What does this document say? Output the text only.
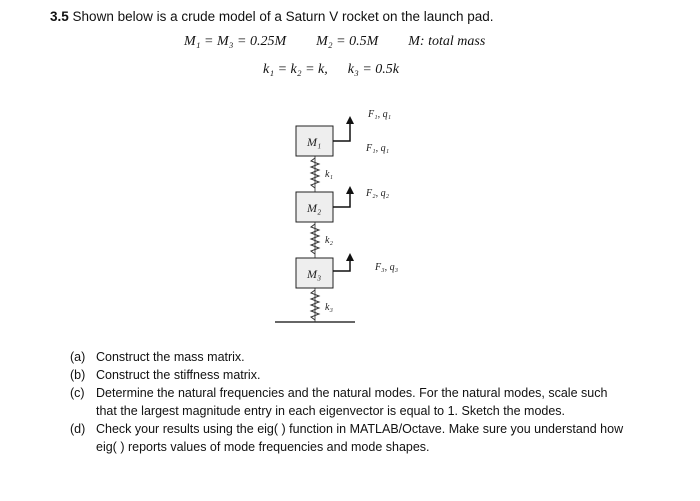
3.5 Shown below is a crude model of a Saturn V rocket on the launch pad.
M₁ = M₃ = 0.25M M₂ = 0.5M M: total mass
k₁ = k₂ = k, k₃ = 0.5k
M₁
M₂
M₃
k₁
k₂
k₃
F₁, q₁
F₁, q₁
F₂, q₂
F₃, q₃
(a) Construct the mass matrix.
(b) Construct the stiffness matrix.
(c) Determine the natural frequencies and the natural modes. For the natural modes, scale such
that the largest magnitude entry in each eigenvector is equal to 1. Sketch the modes.
(d) Check your results using the eig( ) function in MATLAB/Octave. Make sure you understand how
eig( ) reports values of mode frequencies and mode shapes.
